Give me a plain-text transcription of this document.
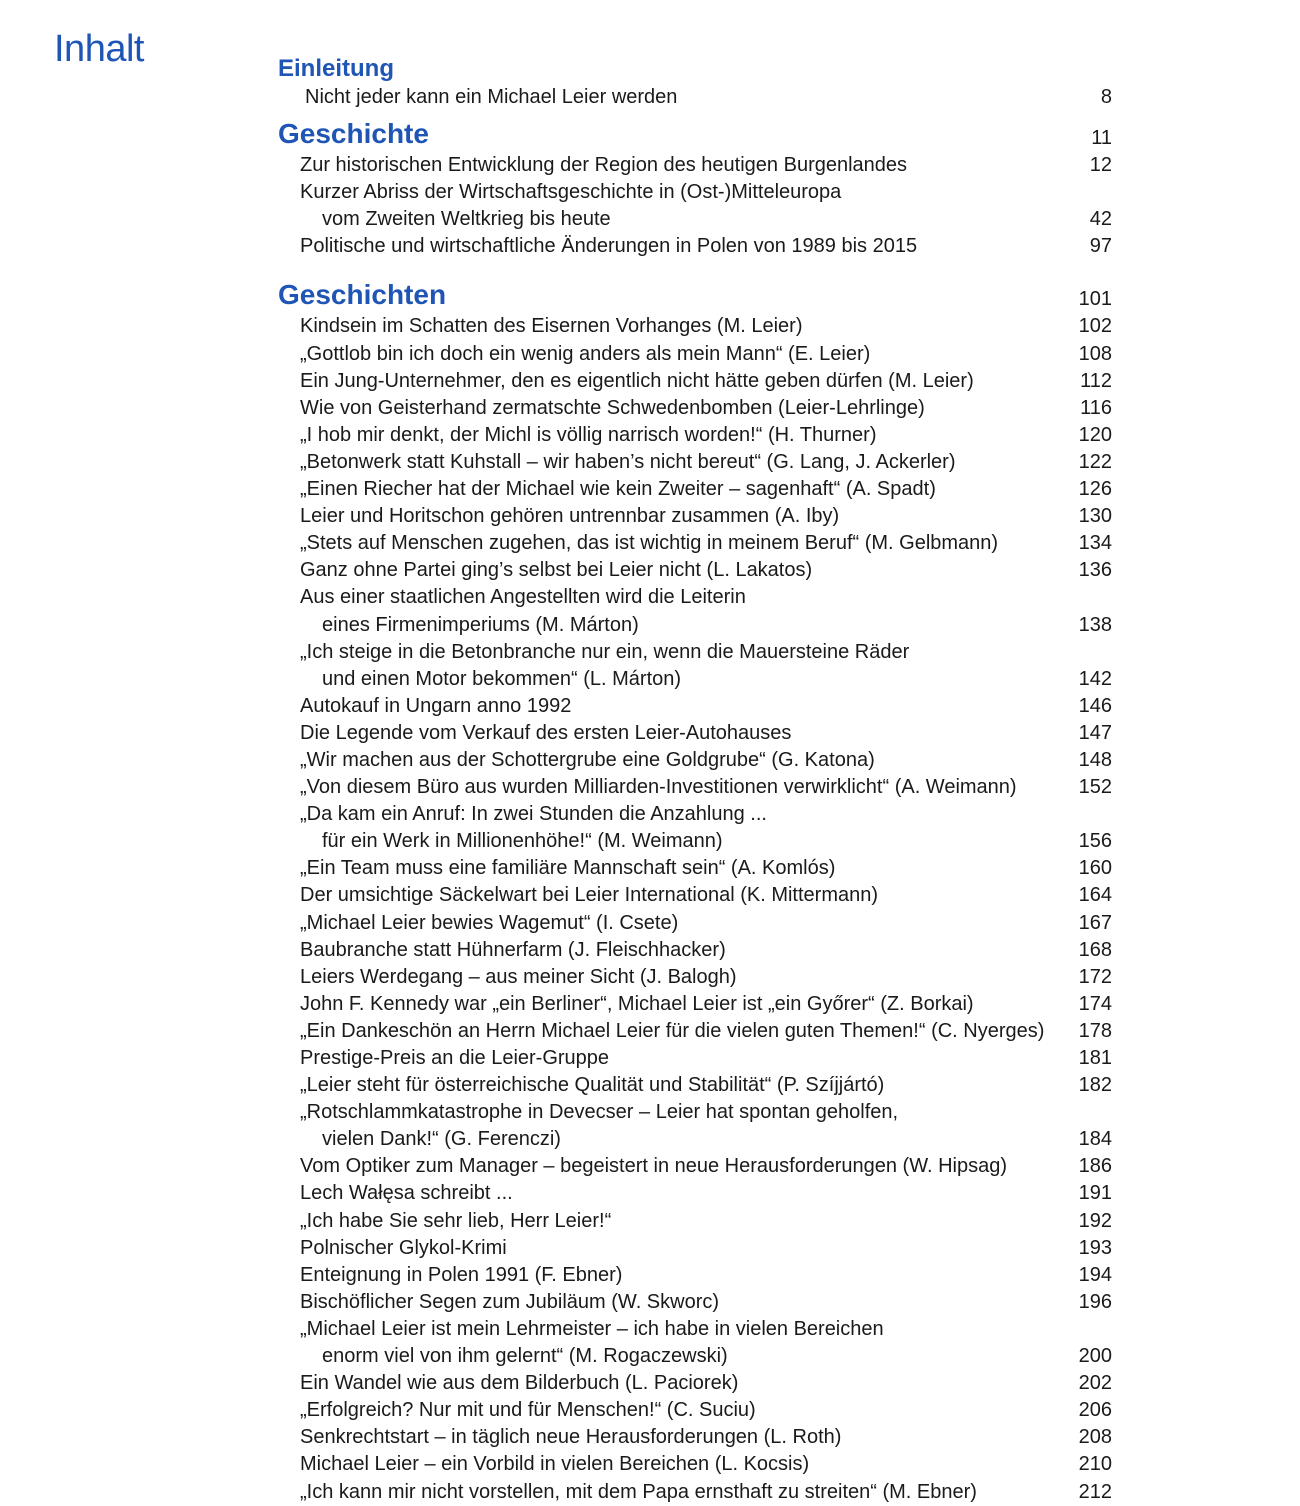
Inhalt	Einleitung
Nicht jeder kann ein Michael Leier werden	8
Geschichte	11
Zur historischen Entwicklung der Region des heutigen Burgenlandes	12
Kurzer Abriss der Wirtschaftsgeschichte in (Ost-)Mitteleuropa
vom Zweiten Weltkrieg bis heute	42
Politische und wirtschaftliche Änderungen in Polen von 1989 bis 2015	97
Geschichten	101
Kindsein im Schatten des Eisernen Vorhanges (M. Leier)	102
„Gottlob bin ich doch ein wenig anders als mein Mann“ (E. Leier)	108
Ein Jung-Unternehmer, den es eigentlich nicht hätte geben dürfen (M. Leier)	112
Wie von Geisterhand zermatschte Schwedenbomben (Leier-Lehrlinge)	116
„I hob mir denkt, der Michl is völlig narrisch worden!“ (H. Thurner)	120
„Betonwerk statt Kuhstall – wir haben’s nicht bereut“ (G. Lang, J. Ackerler)	122
„Einen Riecher hat der Michael wie kein Zweiter – sagenhaft“ (A. Spadt)	126
Leier und Horitschon gehören untrennbar zusammen (A. Iby)	130
„Stets auf Menschen zugehen, das ist wichtig in meinem Beruf“ (M. Gelbmann)	134
Ganz ohne Partei ging’s selbst bei Leier nicht (L. Lakatos)	136
Aus einer staatlichen Angestellten wird die Leiterin
eines Firmenimperiums (M. Márton)	138
„Ich steige in die Betonbranche nur ein, wenn die Mauersteine Räder
und einen Motor bekommen“ (L. Márton)	142
Autokauf in Ungarn anno 1992	146
Die Legende vom Verkauf des ersten Leier-Autohauses	147
„Wir machen aus der Schottergrube eine Goldgrube“ (G. Katona)	148
„Von diesem Büro aus wurden Milliarden-Investitionen verwirklicht“ (A. Weimann)	152
„Da kam ein Anruf: In zwei Stunden die Anzahlung ...
für ein Werk in Millionenhöhe!“ (M. Weimann)	156
„Ein Team muss eine familiäre Mannschaft sein“ (A. Komlós)	160
Der umsichtige Säckelwart bei Leier International (K. Mittermann)	164
„Michael Leier bewies Wagemut“ (I. Csete)	167
Baubranche statt Hühnerfarm (J. Fleischhacker)	168
Leiers Werdegang – aus meiner Sicht (J. Balogh)	172
John F. Kennedy war „ein Berliner“, Michael Leier ist „ein Győrer“ (Z. Borkai)	174
„Ein Dankeschön an Herrn Michael Leier für die vielen guten Themen!“ (C. Nyerges)	178
Prestige-Preis an die Leier-Gruppe	181
„Leier steht für österreichische Qualität und Stabilität“ (P. Szíjjártó)	182
„Rotschlammkatastrophe in Devecser – Leier hat spontan geholfen,
vielen Dank!“ (G. Ferenczi)	184
Vom Optiker zum Manager – begeistert in neue Herausforderungen (W. Hipsag)	186
Lech Wałęsa schreibt ...	191
„Ich habe Sie sehr lieb, Herr Leier!“	192
Polnischer Glykol-Krimi	193
Enteignung in Polen 1991 (F. Ebner)	194
Bischöflicher Segen zum Jubiläum (W. Skworc)	196
„Michael Leier ist mein Lehrmeister – ich habe in vielen Bereichen
enorm viel von ihm gelernt“ (M. Rogaczewski)	200
Ein Wandel wie aus dem Bilderbuch (L. Paciorek)	202
„Erfolgreich? Nur mit und für Menschen!“ (C. Suciu)	206
Senkrechtstart – in täglich neue Herausforderungen (L. Roth)	208
Michael Leier – ein Vorbild in vielen Bereichen (L. Kocsis)	210
„Ich kann mir nicht vorstellen, mit dem Papa ernsthaft zu streiten“ (M. Ebner)	212
